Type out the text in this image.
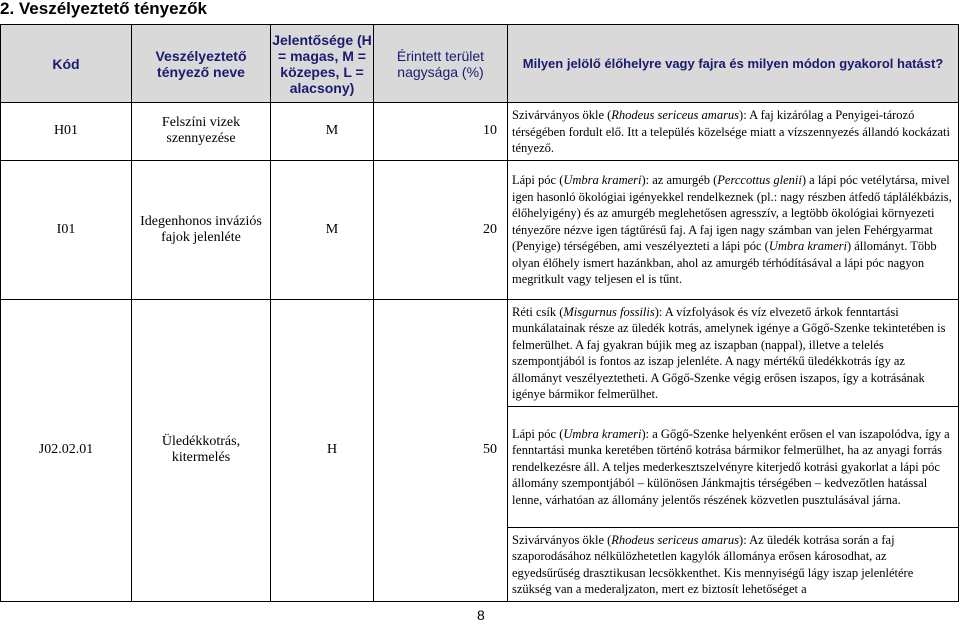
2. Veszélyeztető tényezők
Kód	Veszélyeztető tényező neve	Jelentősége (H = magas, M = közepes, L = alacsony)	Érintett terület nagysága (%)	Milyen jelölő élőhelyre vagy fajra és milyen módon gyakorol hatást?
H01	Felszíni vizek szennyezése	M	10	Szivárványos ökle (Rhodeus sericeus amarus): A faj kizárólag a Penyigei-tározó térségében fordult elő. Itt a település közelsége miatt a vízszennyezés állandó kockázati tényező.
I01	Idegenhonos inváziós fajok jelenléte	M	20	Lápi póc (Umbra krameri): az amurgéb (Perccottus glenii) a lápi póc vetélytársa, mivel igen hasonló ökológiai igényekkel rendelkeznek (pl.: nagy részben átfedő táplálékbázis, élőhelyigény) és az amurgéb meglehetősen agresszív, a legtöbb ökológiai környezeti tényezőre nézve igen tágtűrésű faj. A faj igen nagy számban van jelen Fehérgyarmat (Penyige) térségében, ami veszélyezteti a lápi póc (Umbra krameri) állományt. Több olyan élőhely ismert hazánkban, ahol az amurgéb térhódításával a lápi póc nagyon megritkult vagy teljesen el is tűnt.
J02.02.01	Üledékkotrás, kitermelés	H	50	Réti csík (Misgurnus fossilis): A vízfolyások és víz elvezető árkok fenntartási munkálatainak része az üledék kotrás, amelynek igénye a Gőgő-Szenke tekintetében is felmerülhet. A faj gyakran bújik meg az iszapban (nappal), illetve a telelés szempontjából is fontos az iszap jelenléte. A nagy mértékű üledékkotrás így az állományt veszélyeztetheti. A Gőgő-Szenke végig erősen iszapos, így a kotrásának igénye bármikor felmerülhet.
				Lápi póc (Umbra krameri): a Gőgő-Szenke helyenként erősen el van iszapolódva, így a fenntartási munka keretében történő kotrása bármikor felmerülhet, ha az anyagi forrás rendelkezésre áll. A teljes mederkesztszelvényre kiterjedő kotrási gyakorlat a lápi póc állomány szempontjából – különösen Jánkmajtis térségében – kedvezőtlen hatással lenne, várhatóan az állomány jelentős részének közvetlen pusztulásával járna.
				Szivárványos ökle (Rhodeus sericeus amarus): Az üledék kotrása során a faj szaporodásához nélkülözhetetlen kagylók állománya erősen károsodhat, az egyedsűrűség drasztikusan lecsökkenthet. Kis mennyiségű lágy iszap jelenlétére szükség van a mederaljzaton, mert ez biztosít lehetőséget a
8
